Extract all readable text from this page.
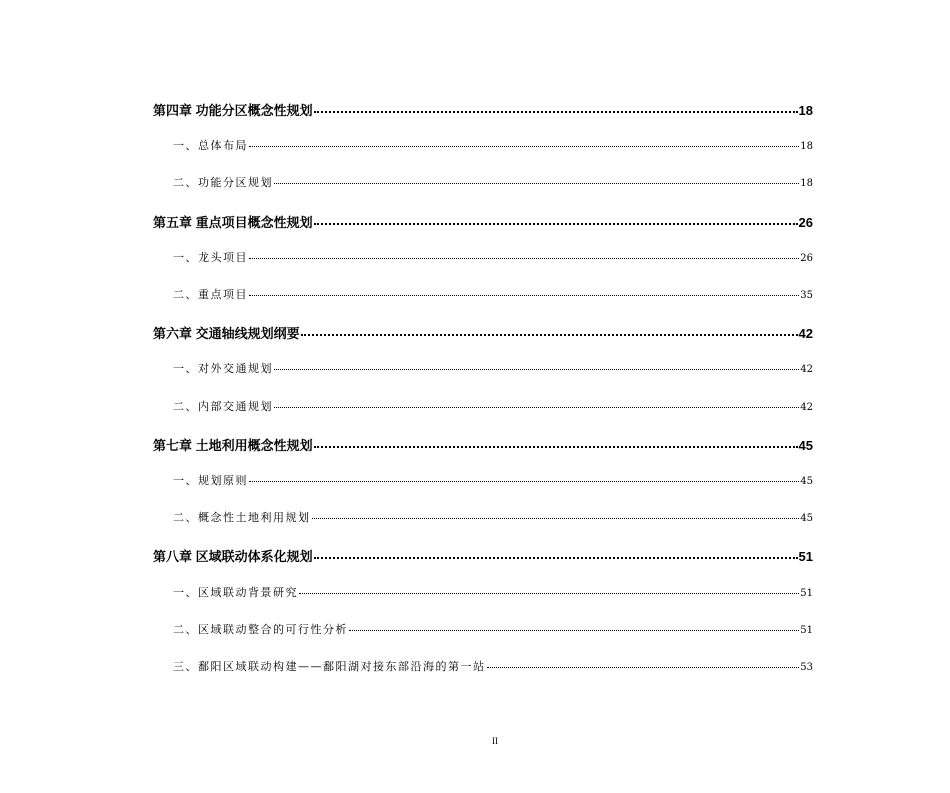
第四章 功能分区概念性规划	18
一、总体布局	18
二、功能分区规划	18
第五章 重点项目概念性规划	26
一、龙头项目	26
二、重点项目	35
第六章 交通轴线规划纲要	42
一、对外交通规划	42
二、内部交通规划	42
第七章 土地利用概念性规划	45
一、规划原则	45
二、概念性土地利用规划	45
第八章 区域联动体系化规划	51
一、区域联动背景研究	51
二、区域联动整合的可行性分析	51
三、鄱阳区域联动构建——鄱阳湖对接东部沿海的第一站	53
II
